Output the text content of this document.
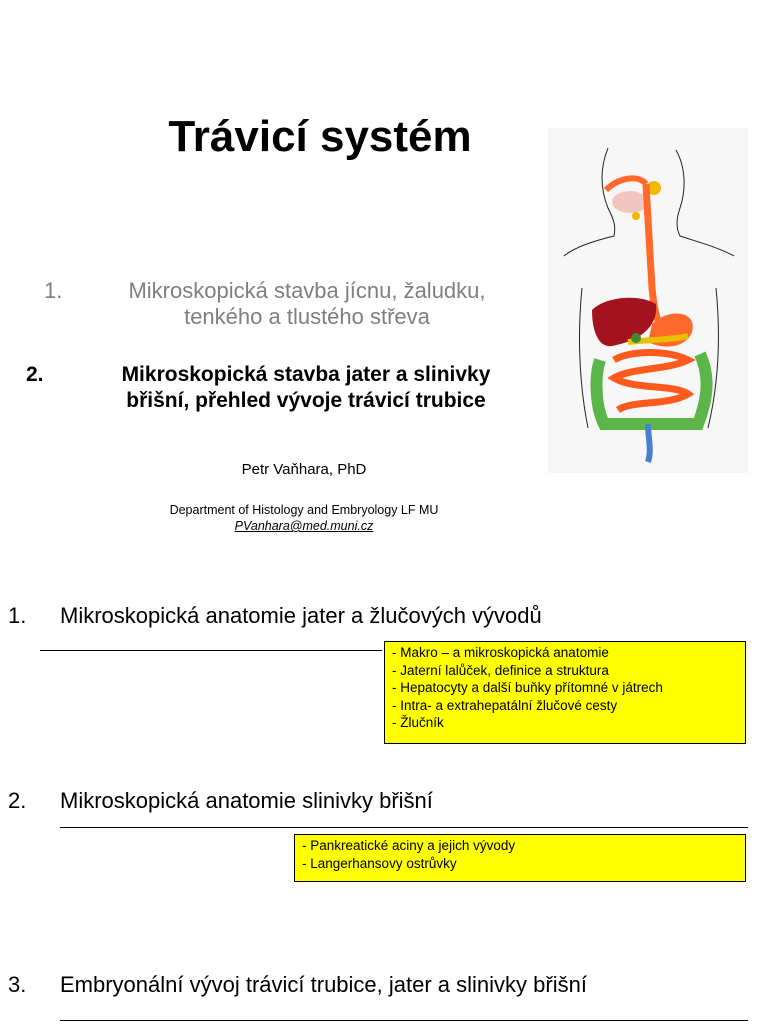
Trávicí systém
1.	Mikroskopická stavba jícnu, žaludku,
tenkého a tlustého střeva
2.	Mikroskopická stavba jater a slinivky
břišní, přehled vývoje trávicí trubice
Petr Vaňhara, PhD
Department of Histology and Embryology LF MU
PVanhara@med.muni.cz
1. Mikroskopická anatomie jater a žlučových vývodů
- Makro – a mikroskopická anatomie
- Jaterní lalůček, definice a struktura
- Hepatocyty a další buňky přítomné v játrech
- Intra- a extrahepatální žlučové cesty
- Žlučník
2. Mikroskopická anatomie slinivky břišní
- Pankreatické aciny a jejich vývody
- Langerhansovy ostrůvky
3. Embryonální vývoj trávicí trubice, jater a slinivky břišní
